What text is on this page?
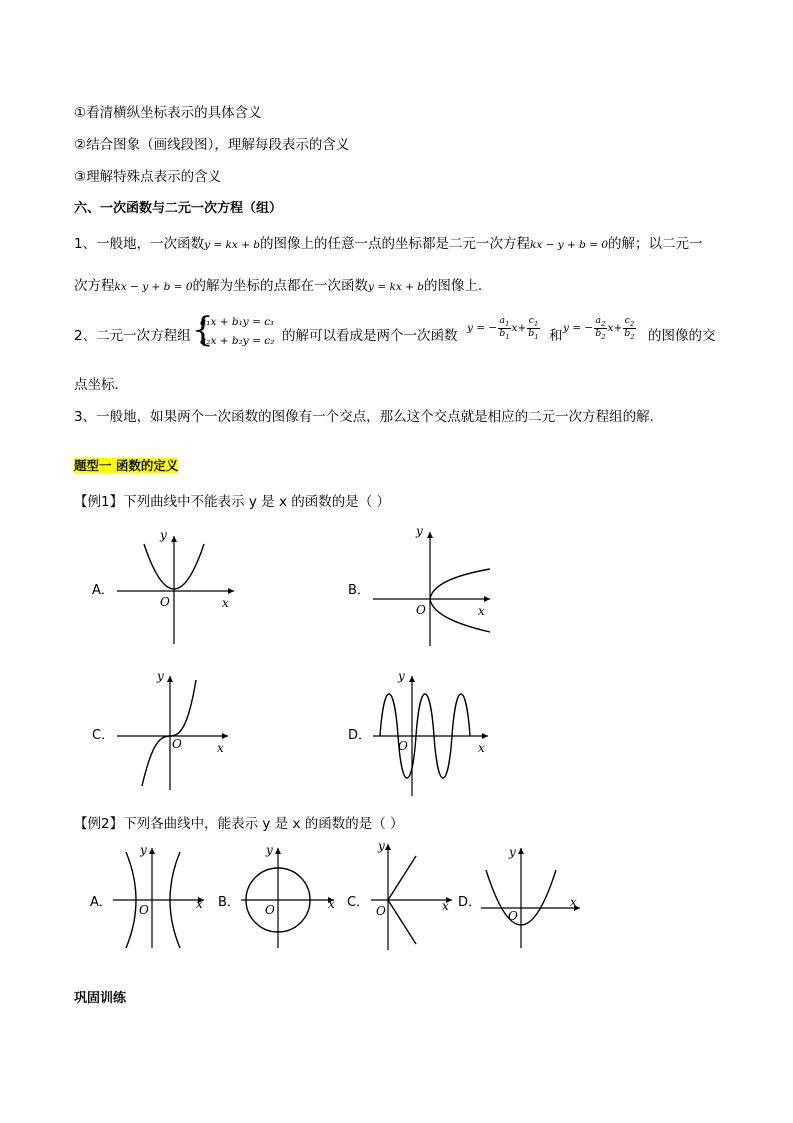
①看清横纵坐标表示的具体含义
②结合图象（画线段图），理解每段表示的含义
③理解特殊点表示的含义
六、一次函数与二元一次方程（组）
1、一般地，一次函数y = kx + b的图像上的任意一点的坐标都是二元一次方程kx − y + b = 0的解；以二元一
次方程kx − y + b = 0的解为坐标的点都在一次函数y = kx + b的图像上．
2、二元一次方程组 {
a₁x + b₁y = c₁
a₂x + b₂y = c₂ 的解可以看成是两个一次函数 y = − $\frac{a_1}{b_1} x+ \frac{c_1}{b_1}$ 和 y = − $\frac{a_2}{b_2} x+ \frac{c_2}{b_2}$ 的图像的交
点坐标．
3、一般地，如果两个一次函数的图像有一个交点，那么这个交点就是相应的二元一次方程组的解．
题型一 函数的定义
【例1】下列曲线中不能表示 y 是 x 的函数的是（ ）
A．
y
x
O
B．
y
x
O
C．
y
x
O
D．
y
x
O
【例2】下列各曲线中，能表示 y 是 x 的函数的是（ ）
A．
y
x
O	B．
y
x
O	C．
y
x
O
D．
y
x
O
巩固训练
